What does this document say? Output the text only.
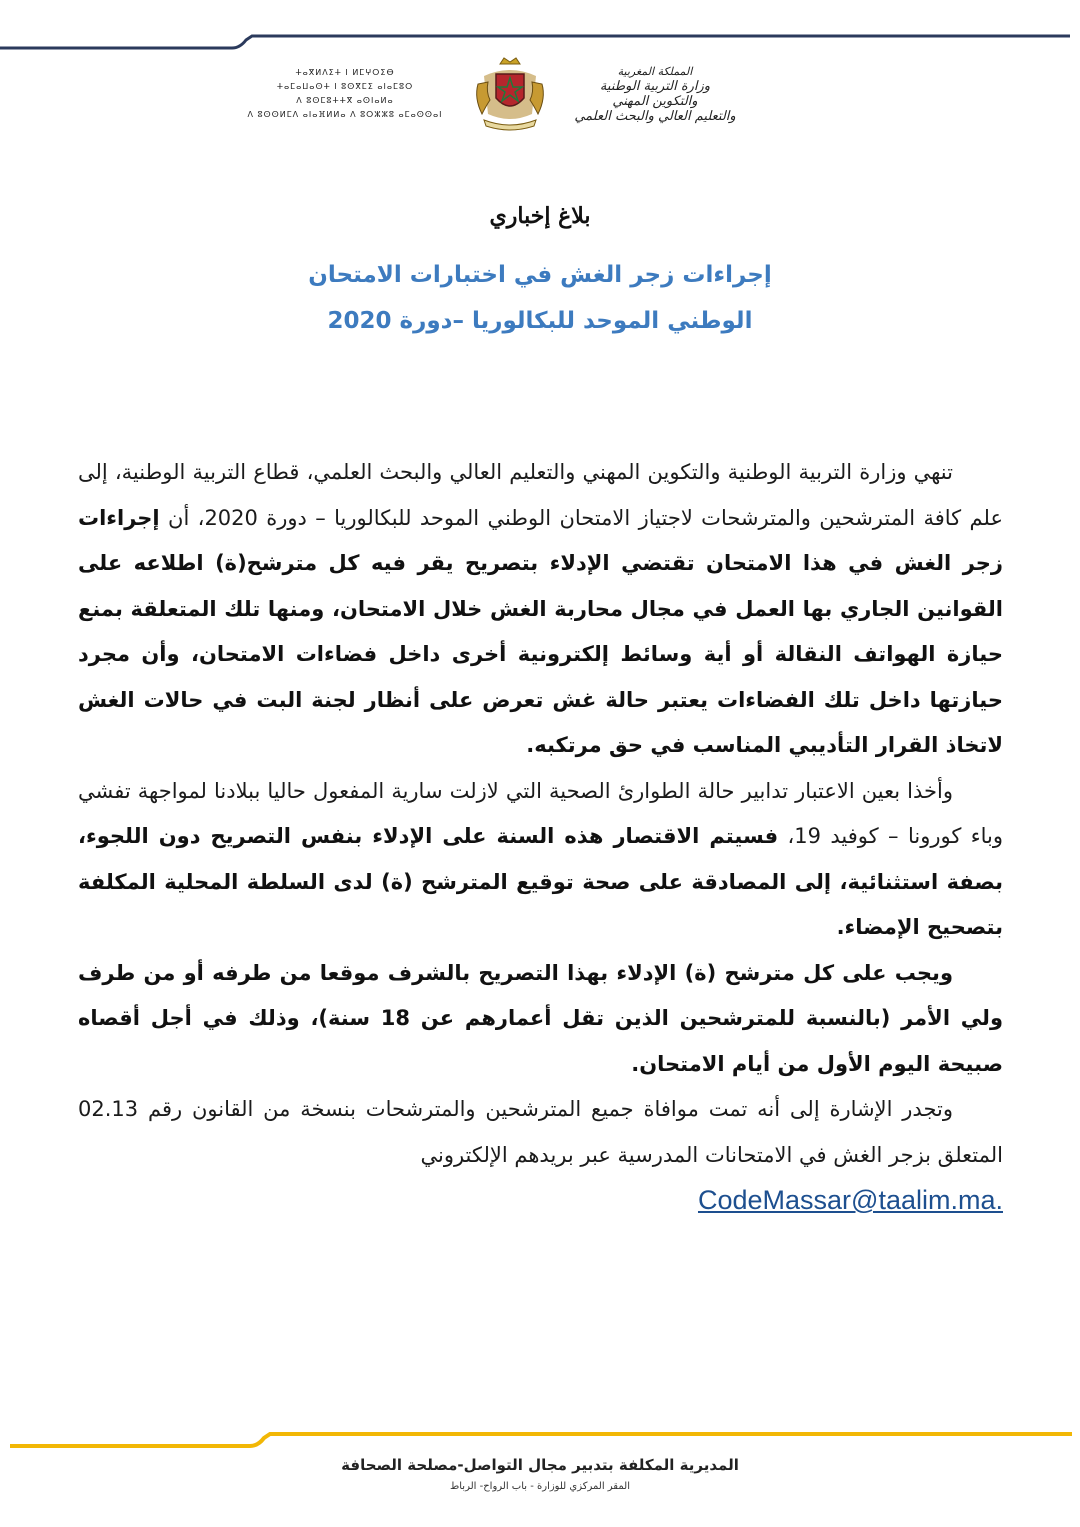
ⵜⴰⴳⵍⴷⵉⵜ ⵏ ⵍⵎⵖⵔⵉⴱ
ⵜⴰⵎⴰⵡⴰⵙⵜ ⵏ ⵓⵙⴳⵎⵉ ⴰⵏⴰⵎⵓⵔ
ⴷ ⵓⵙⵎⵓⵜⵜⴳ ⴰⵙⵏⴰⵍⴰ
ⴷ ⵓⵙⵙⵍⵎⴷ ⴰⵏⴰⴼⵍⵍⴰ ⴷ ⵓⵔⵣⵣⵓ ⴰⵎⴰⵙⵙⴰⵏ
المملكة المغربية
وزارة التربية الوطنية
والتكوين المهني
والتعليم العالي والبحث العلمي
بلاغ إخباري
إجراءات زجر الغش في اختبارات الامتحان
الوطني الموحد للبكالوريا –دورة 2020

تنهي وزارة التربية الوطنية والتكوين المهني والتعليم العالي والبحث العلمي، قطاع التربية الوطنية، إلى علم كافة المترشحين والمترشحات لاجتياز الامتحان الوطني الموحد للبكالوريا – دورة 2020، أن إجراءات زجر الغش في هذا الامتحان تقتضي الإدلاء بتصريح يقر فيه كل مترشح(ة) اطلاعه على القوانين الجاري بها العمل في مجال محاربة الغش خلال الامتحان، ومنها تلك المتعلقة بمنع حيازة الهواتف النقالة أو أية وسائط إلكترونية أخرى داخل فضاءات الامتحان، وأن مجرد حيازتها داخل تلك الفضاءات يعتبر حالة غش تعرض على أنظار لجنة البت في حالات الغش لاتخاذ القرار التأديبي المناسب في حق مرتكبه.

وأخذا بعين الاعتبار تدابير حالة الطوارئ الصحية التي لازلت سارية المفعول حاليا ببلادنا لمواجهة تفشي وباء كورونا – كوفيد 19، فسيتم الاقتصار هذه السنة على الإدلاء بنفس التصريح دون اللجوء، بصفة استثنائية، إلى المصادقة على صحة توقيع المترشح (ة) لدى السلطة المحلية المكلفة بتصحيح الإمضاء.

ويجب على كل مترشح (ة) الإدلاء بهذا التصريح بالشرف موقعا من طرفه أو من طرف ولي الأمر (بالنسبة للمترشحين الذين تقل أعمارهم عن 18 سنة)، وذلك في أجل أقصاه صبيحة اليوم الأول من أيام الامتحان.

وتجدر الإشارة إلى أنه تمت موافاة جميع المترشحين والمترشحات بنسخة من القانون رقم 02.13 المتعلق بزجر الغش في الامتحانات المدرسية عبر بريدهم الإلكتروني

CodeMassar@taalim.ma.
المديرية المكلفة بتدبير مجال التواصل-مصلحة الصحافة
المقر المركزي للوزارة - باب الرواح- الرباط
